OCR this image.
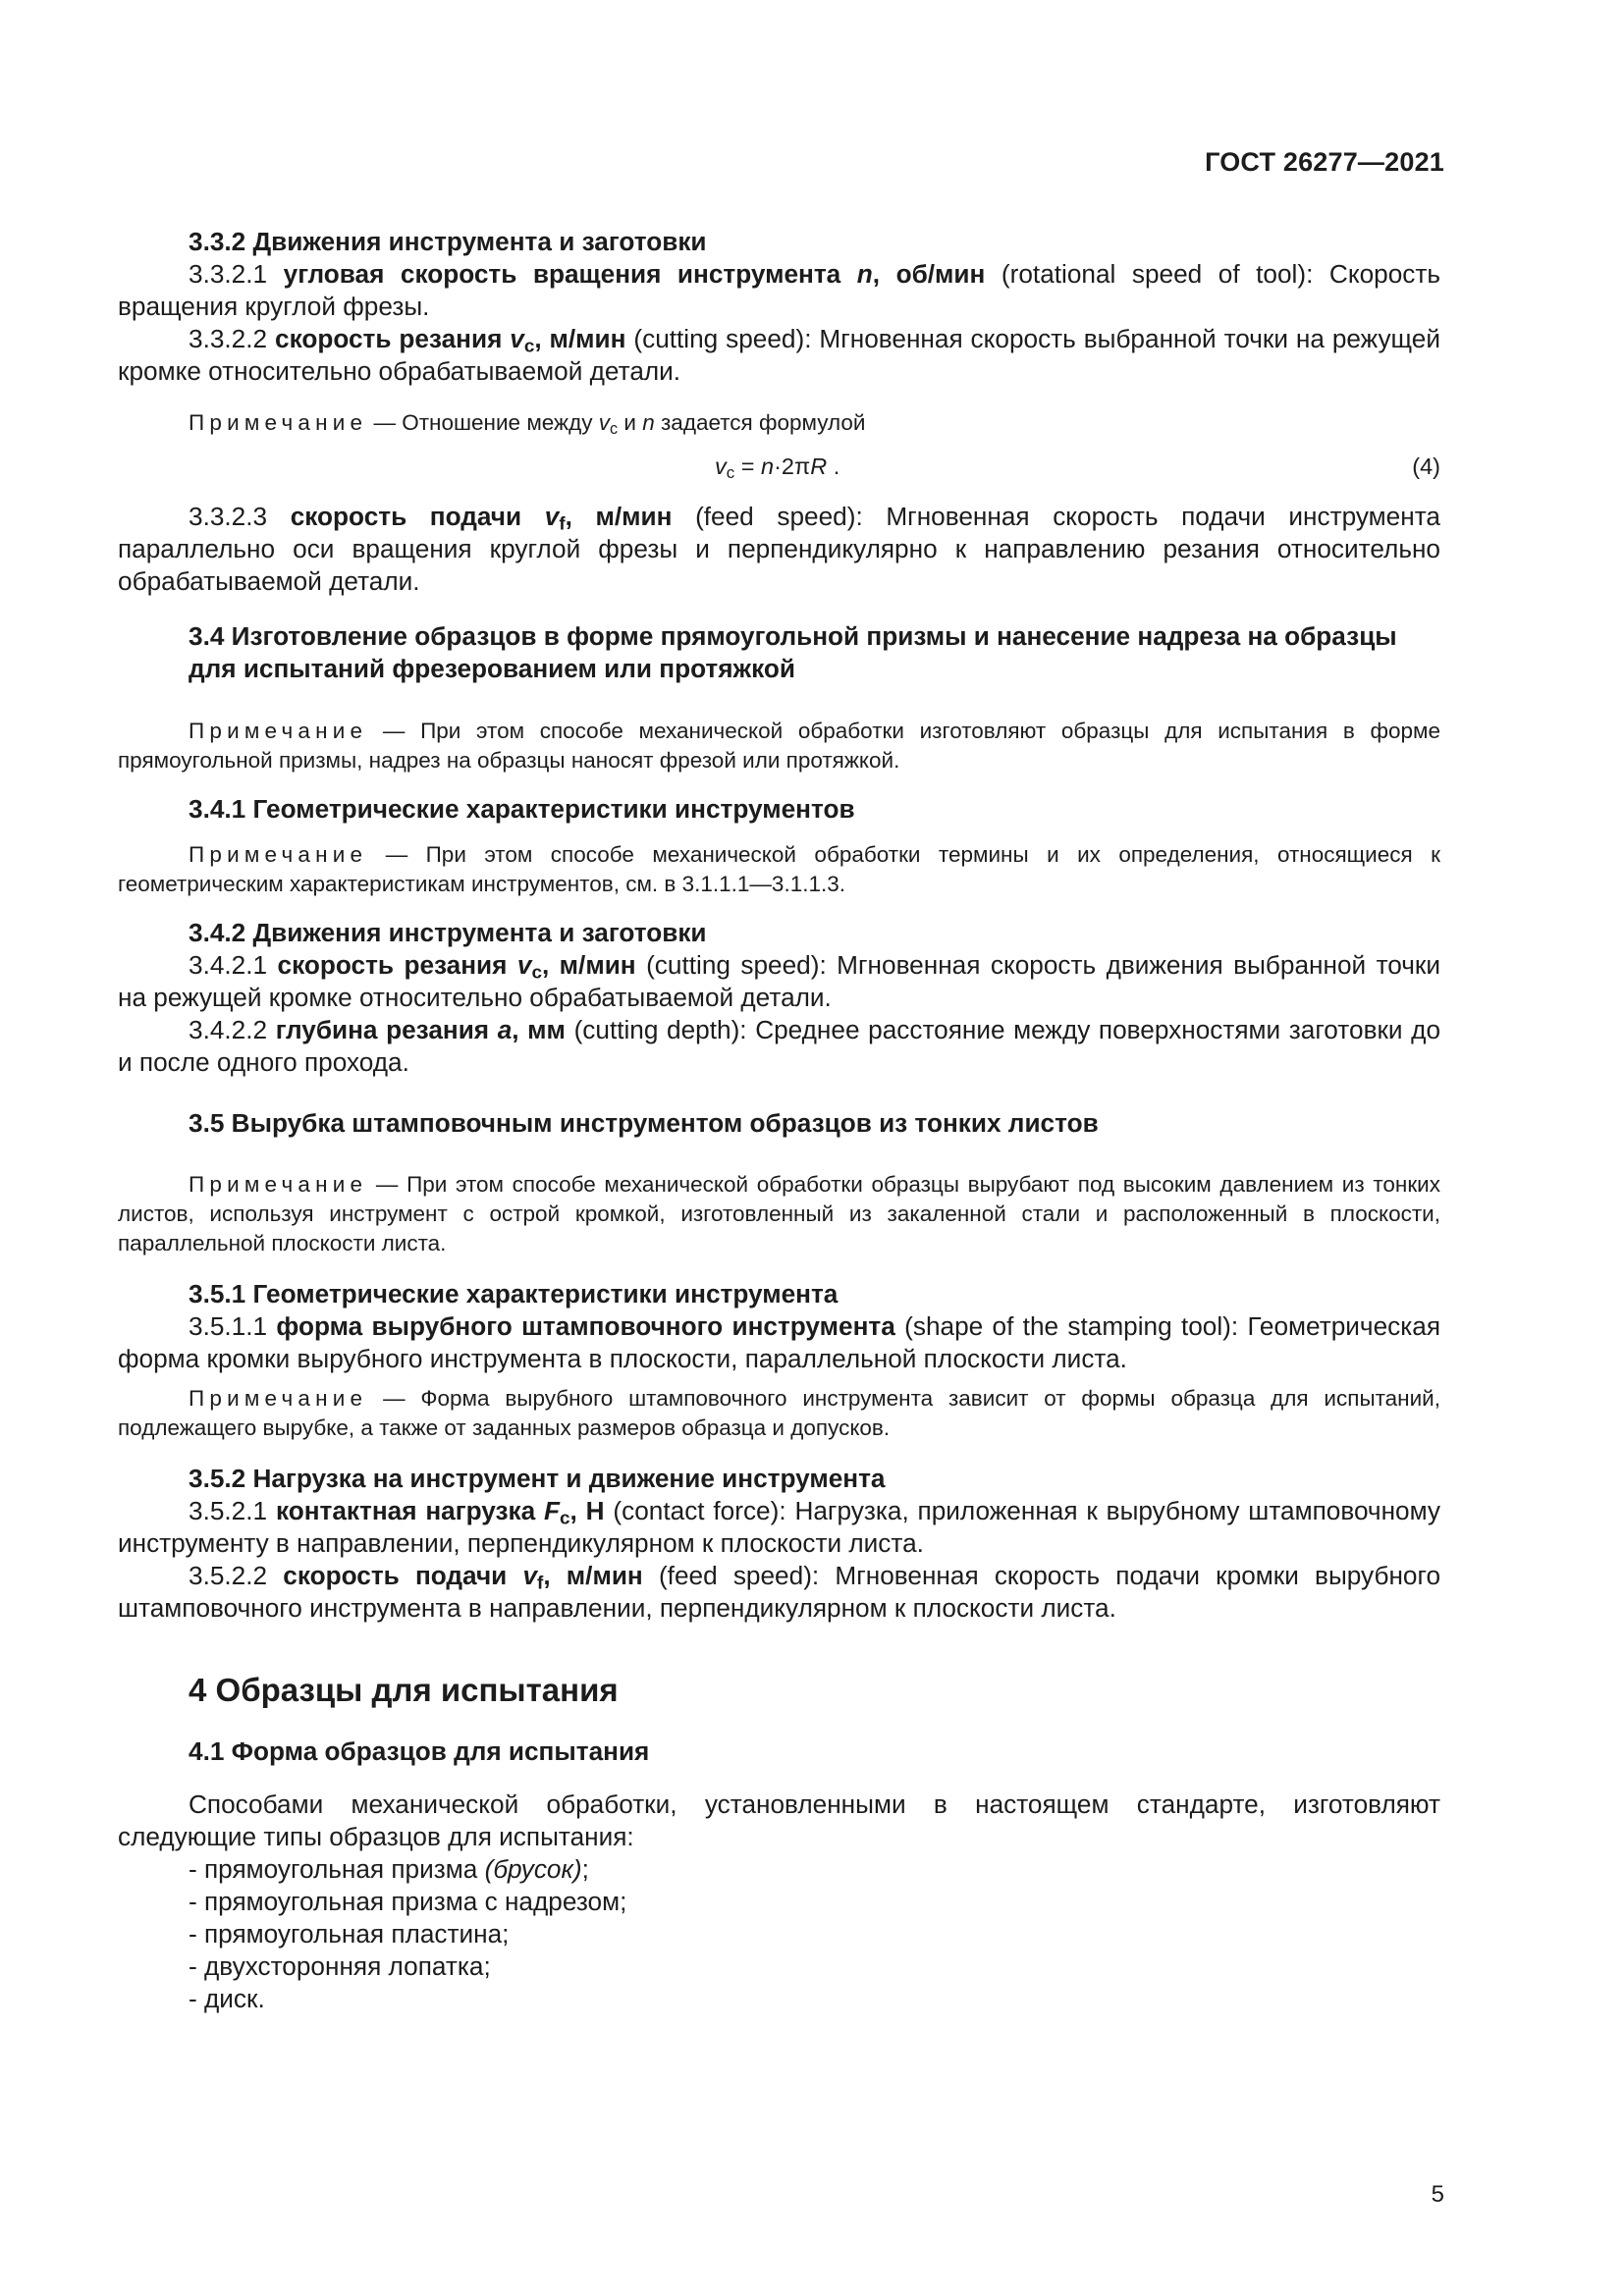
ГОСТ 26277—2021

3.3.2 Движения инструмента и заготовки

3.3.2.1 угловая скорость вращения инструмента n, об/мин (rotational speed of tool): Скорость вращения круглой фрезы.

3.3.2.2 скорость резания $v_c$, м/мин (cutting speed): Мгновенная скорость выбранной точки на режущей кромке относительно обрабатываемой детали.

Примечание — Отношение между $v_c$ и n задается формулой

$v_c = n\cdot 2\pi R$ .	(4)

3.3.2.3 скорость подачи $v_f$, м/мин (feed speed): Мгновенная скорость подачи инструмента параллельно оси вращения круглой фрезы и перпендикулярно к направлению резания относительно обрабатываемой детали.

3.4 Изготовление образцов в форме прямоугольной призмы и нанесение надреза на образцы для испытаний фрезерованием или протяжкой

Примечание — При этом способе механической обработки изготовляют образцы для испытания в форме прямоугольной призмы, надрез на образцы наносят фрезой или протяжкой.

3.4.1 Геометрические характеристики инструментов

Примечание — При этом способе механической обработки термины и их определения, относящиеся к геометрическим характеристикам инструментов, см. в 3.1.1.1—3.1.1.3.

3.4.2 Движения инструмента и заготовки

3.4.2.1 скорость резания $v_c$, м/мин (cutting speed): Мгновенная скорость движения выбранной точки на режущей кромке относительно обрабатываемой детали.

3.4.2.2 глубина резания a, мм (cutting depth): Среднее расстояние между поверхностями заготовки до и после одного прохода.

3.5 Вырубка штамповочным инструментом образцов из тонких листов

Примечание — При этом способе механической обработки образцы вырубают под высоким давлением из тонких листов, используя инструмент с острой кромкой, изготовленный из закаленной стали и расположенный в плоскости, параллельной плоскости листа.

3.5.1 Геометрические характеристики инструмента

3.5.1.1 форма вырубного штамповочного инструмента (shape of the stamping tool): Геометрическая форма кромки вырубного инструмента в плоскости, параллельной плоскости листа.

Примечание — Форма вырубного штамповочного инструмента зависит от формы образца для испытаний, подлежащего вырубке, а также от заданных размеров образца и допусков.

3.5.2 Нагрузка на инструмент и движение инструмента

3.5.2.1 контактная нагрузка $F_c$, Н (contact force): Нагрузка, приложенная к вырубному штамповочному инструменту в направлении, перпендикулярном к плоскости листа.

3.5.2.2 скорость подачи $v_f$, м/мин (feed speed): Мгновенная скорость подачи кромки вырубного штамповочного инструмента в направлении, перпендикулярном к плоскости листа.

4 Образцы для испытания

4.1 Форма образцов для испытания

Способами механической обработки, установленными в настоящем стандарте, изготовляют следующие типы образцов для испытания:

- прямоугольная призма (брусок);
- прямоугольная призма с надрезом;
- прямоугольная пластина;
- двухсторонняя лопатка;
- диск.
5
